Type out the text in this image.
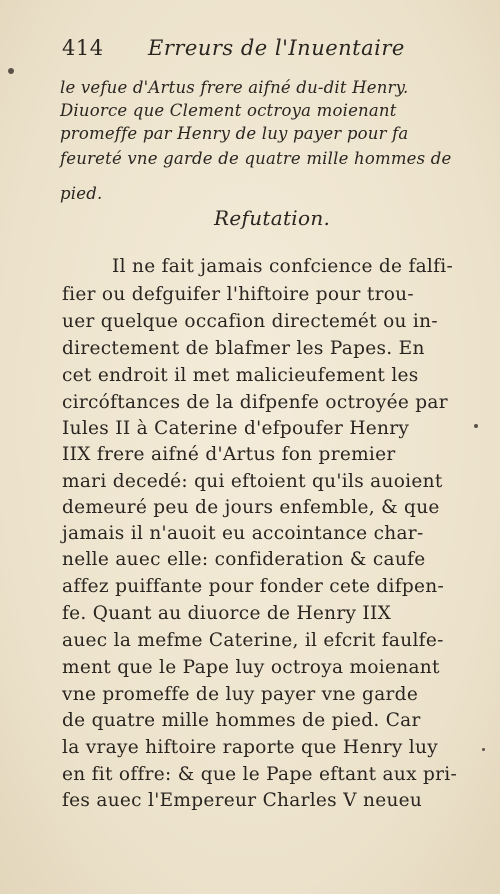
414 Erreurs de l'Inuentaire
le vefue d'Artus frere aifné du-dit Henry.
Diuorce que Clement octroya moienant
promeffe par Henry de luy payer pour fa
feureté vne garde de quatre mille hommes de
pied.
Refutation.
Il ne fait jamais confcience de falfi-
fier ou defguifer l'hiftoire pour trou-
uer quelque occafion directemét ou in-
directement de blafmer les Papes. En
cet endroit il met malicieufement les
circóftances de la difpenfe octroyée par
Iules II à Caterine d'efpoufer Henry
IIX frere aifné d'Artus fon premier
mari decedé: qui eftoient qu'ils auoient
demeuré peu de jours enfemble, & que
jamais il n'auoit eu accointance char-
nelle auec elle: confideration & caufe
affez puiffante pour fonder cete difpen-
fe. Quant au diuorce de Henry IIX
auec la mefme Caterine, il efcrit faulfe-
ment que le Pape luy octroya moienant
vne promeffe de luy payer vne garde
de quatre mille hommes de pied. Car
la vraye hiftoire raporte que Henry luy
en fit offre: & que le Pape eftant aux pri-
fes auec l'Empereur Charles V neueu
